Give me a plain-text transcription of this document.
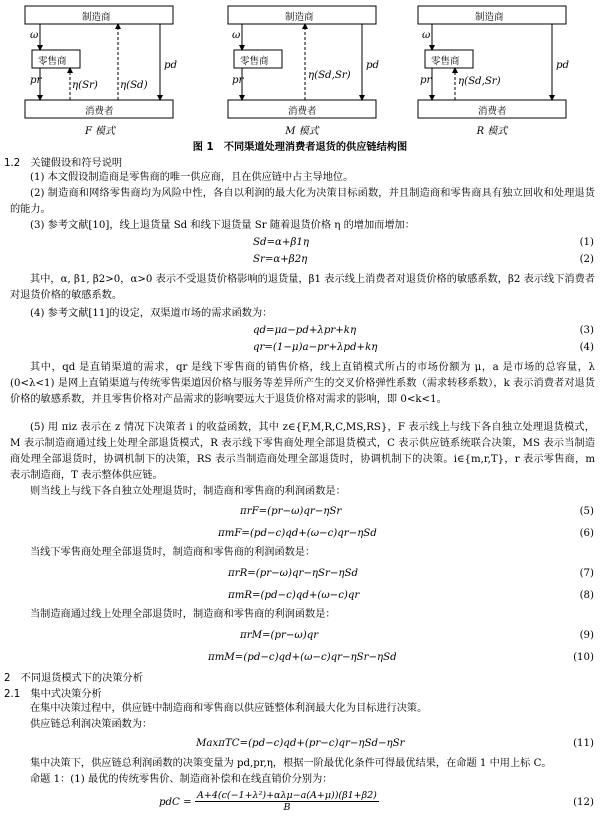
制造商
零售商
消费者
ω
pr	η(Sr) η(Sd)
pd
制造商
零售商
消费者
ω
pr	η(Sd,Sr)
pd
制造商
零售商
消费者
ω
pr	η(Sd,Sr)
pd
F 模式	M 模式	R 模式
图 1　不同渠道处理消费者退货的供应链结构图
1.2　关键假设和符号说明
(1) 本文假设制造商是零售商的唯一供应商，且在供应链中占主导地位。
(2) 制造商和网络零售商均为风险中性，各自以利润的最大化为决策目标函数，并且制造商和零售商具有独立回收和处理退货的能力。
(3) 参考文献[10]，线上退货量 Sd 和线下退货量 Sr 随着退货价格 η 的增加而增加：
Sd=α+β1η	(1)
Sr=α+β2η	(2)
其中，α, β1, β2>0，α>0 表示不受退货价格影响的退货量，β1 表示线上消费者对退货价格的敏感系数，β2 表示线下消费者对退货价格的敏感系数。
(4) 参考文献[11]的设定，双渠道市场的需求函数为：
qd=μa−pd+λpr+kη	(3)
qr=(1−μ)a−pr+λpd+kη	(4)
其中，qd 是直销渠道的需求，qr 是线下零售商的销售价格，线上直销模式所占的市场份额为 μ，a 是市场的总容量，λ (0<λ<1) 是网上直销渠道与传统零售渠道因价格与服务等差异所产生的交叉价格弹性系数（需求转移系数），k 表示消费者对退货价格的敏感系数，并且零售价格对产品需求的影响要远大于退货价格对需求的影响，即 0<k<1。
(5) 用 πiz 表示在 z 情况下决策者 i 的收益函数，其中 z∈{F,M,R,C,MS,RS}，F 表示线上与线下各自独立处理退货模式，M 表示制造商通过线上处理全部退货模式，R 表示线下零售商处理全部退货模式，C 表示供应链系统联合决策，MS 表示当制造商处理全部退货时，协调机制下的决策，RS 表示当制造商处理全部退货时，协调机制下的决策。i∈{m,r,T}，r 表示零售商，m 表示制造商，T 表示整体供应链。
则当线上与线下各自独立处理退货时，制造商和零售商的利润函数是：
πrF=(pr−ω)qr−ηSr	(5)
πmF=(pd−c)qd+(ω−c)qr−ηSd	(6)
当线下零售商处理全部退货时，制造商和零售商的利润函数是：
πrR=(pr−ω)qr−ηSr−ηSd	(7)
πmR=(pd−c)qd+(ω−c)qr	(8)
当制造商通过线上处理全部退货时，制造商和零售商的利润函数是：
πrM=(pr−ω)qr	(9)
πmM=(pd−c)qd+(ω−c)qr−ηSr−ηSd	(10)
2　不同退货模式下的决策分析
2.1　集中式决策分析
在集中决策过程中，供应链中制造商和零售商以供应链整体利润最大化为目标进行决策。
供应链总利润决策函数为：
MaxπTC=(pd−c)qd+(pr−c)qr−ηSd−ηSr	(11)
集中决策下，供应链总利润函数的决策变量为 pd,pr,η，根据一阶最优化条件可得最优结果，在命题 1 中用上标 C。
命题 1：(1) 最优的传统零售价、制造商补偿和在线直销价分别为：
pdC =
A+4(c(−1+λ²)+αλμ−a(A+μ))(β1+β2)
B	(12)
